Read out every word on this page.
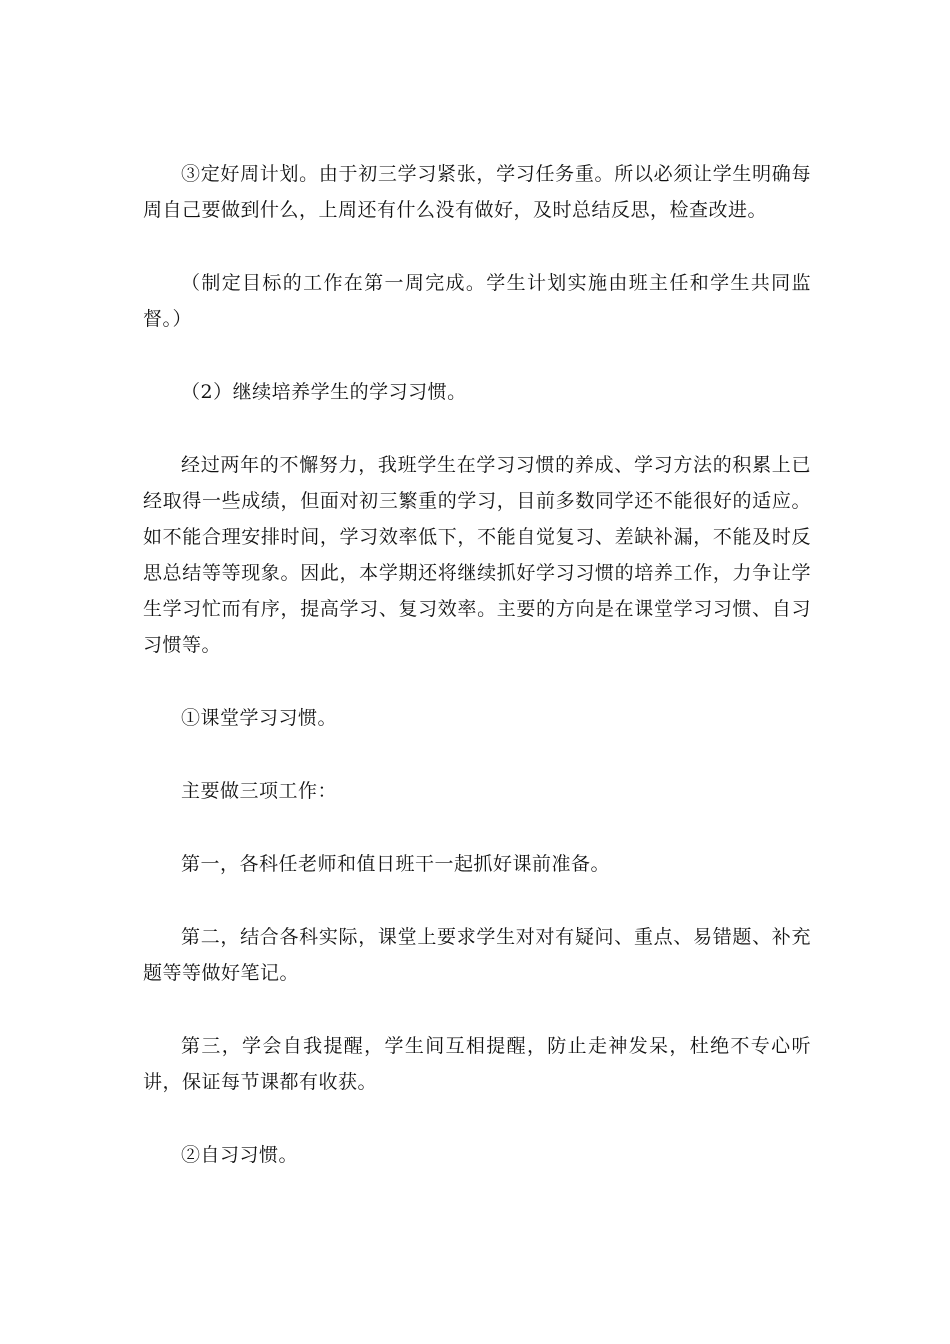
③定好周计划。由于初三学习紧张，学习任务重。所以必须让学生明确每周自己要做到什么，上周还有什么没有做好，及时总结反思，检查改进。

（制定目标的工作在第一周完成。学生计划实施由班主任和学生共同监督。）

（2）继续培养学生的学习习惯。

经过两年的不懈努力，我班学生在学习习惯的养成、学习方法的积累上已经取得一些成绩，但面对初三繁重的学习，目前多数同学还不能很好的适应。如不能合理安排时间，学习效率低下，不能自觉复习、差缺补漏，不能及时反思总结等等现象。因此，本学期还将继续抓好学习习惯的培养工作，力争让学生学习忙而有序，提高学习、复习效率。主要的方向是在课堂学习习惯、自习习惯等。

①课堂学习习惯。

主要做三项工作：

第一，各科任老师和值日班干一起抓好课前准备。

第二，结合各科实际，课堂上要求学生对对有疑问、重点、易错题、补充题等等做好笔记。

第三，学会自我提醒，学生间互相提醒，防止走神发呆，杜绝不专心听讲，保证每节课都有收获。

②自习习惯。
